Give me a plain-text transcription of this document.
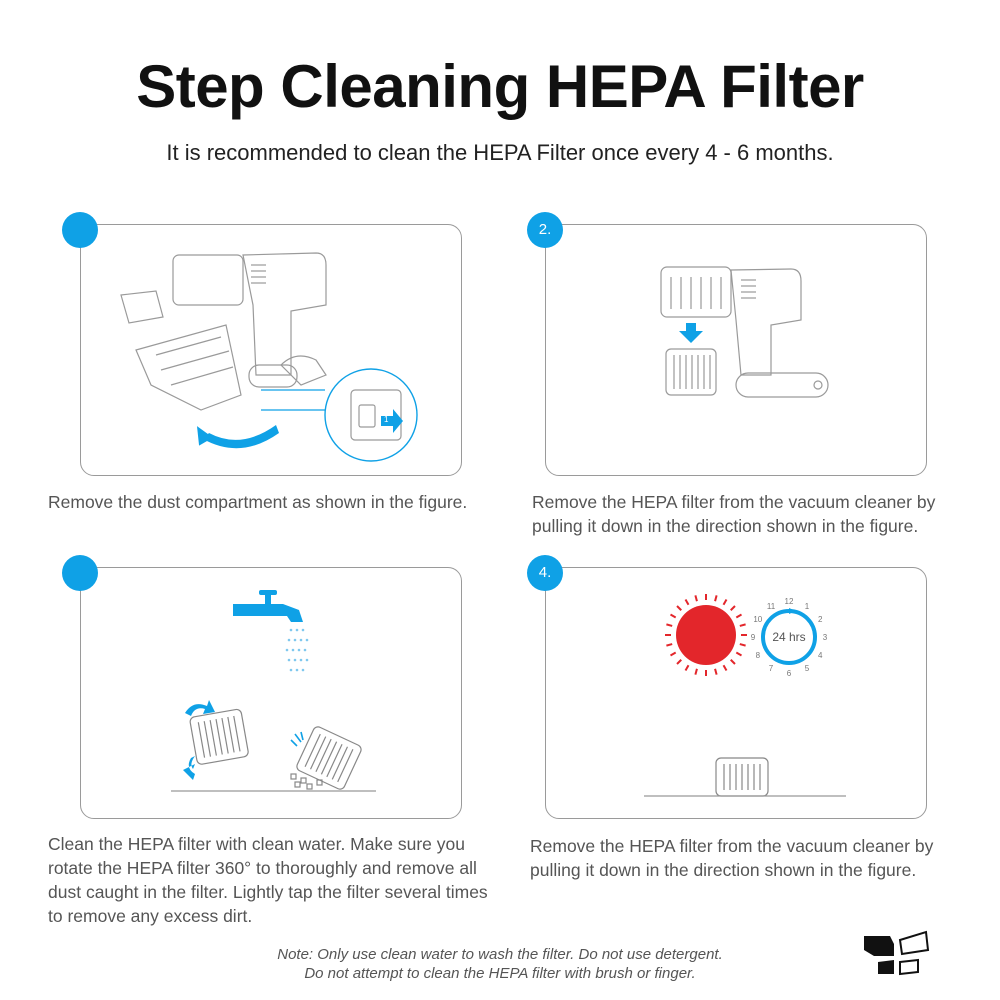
Step Cleaning HEPA Filter
It is recommended to clean the HEPA Filter once every 4 - 6 months.
1
2
Remove the dust compartment as shown in the figure.
2.
Remove the HEPA filter from the vacuum cleaner by pulling it down in the direction shown in the figure.
Clean the HEPA filter with clean water. Make sure you rotate the HEPA filter 360° to thoroughly and remove all dust caught in the filter. Lightly tap the filter several times to remove any excess dirt.
24 hrs
12
1
2
3
4
5
6
7
8
9
10
11
4.
Remove the HEPA filter from the vacuum cleaner by pulling it down in the direction shown in the figure.
Note: Only use clean water to wash the filter. Do not use detergent.
Do not attempt to clean the HEPA filter with brush or finger.
